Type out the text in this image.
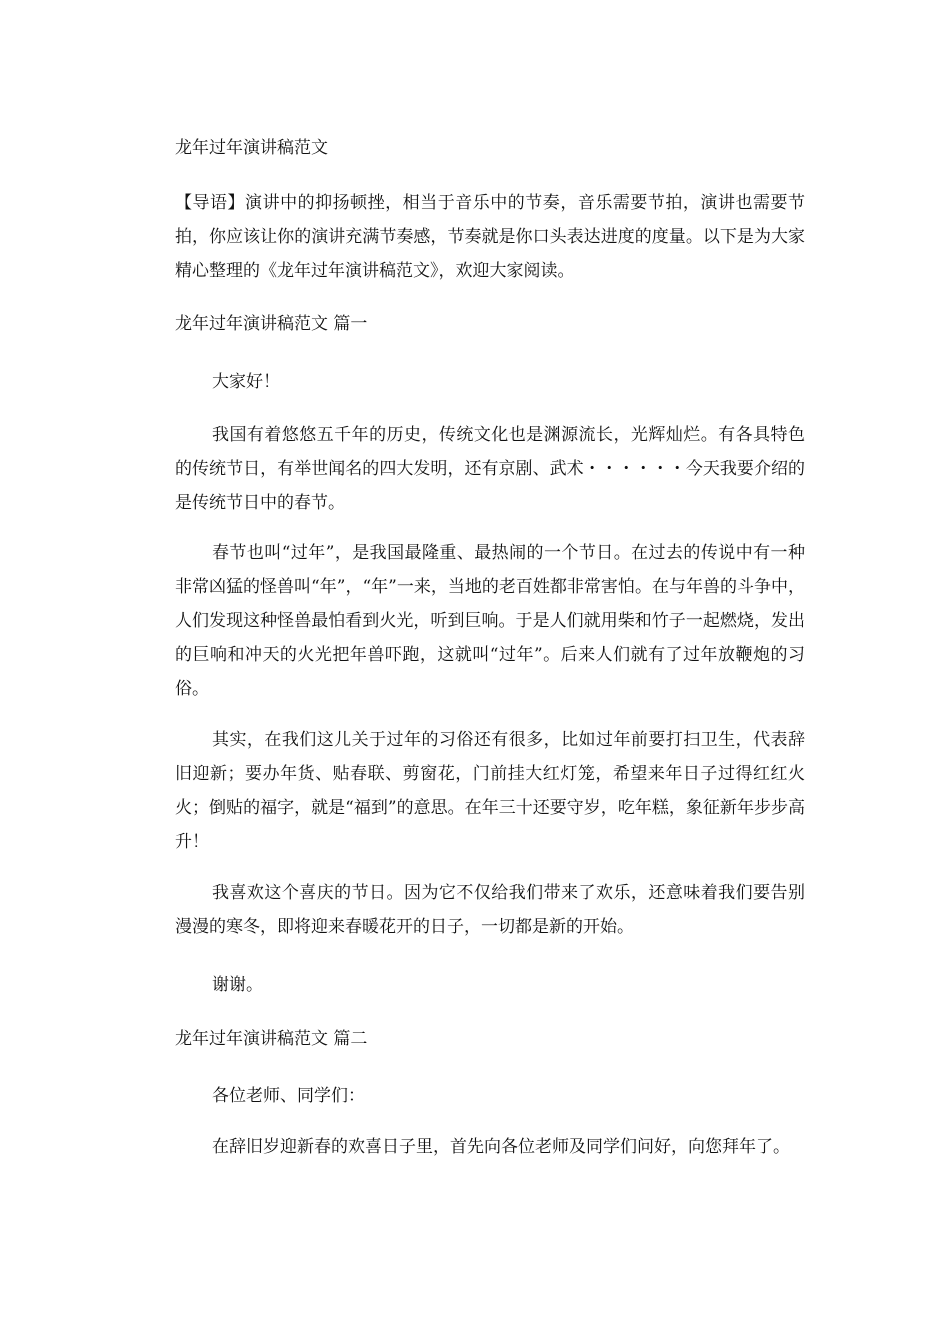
龙年过年演讲稿范文
【导语】演讲中的抑扬顿挫，相当于音乐中的节奏，音乐需要节拍，演讲也需要节拍，你应该让你的演讲充满节奏感，节奏就是你口头表达进度的度量。以下是为大家精心整理的《龙年过年演讲稿范文》，欢迎大家阅读。
龙年过年演讲稿范文 篇一
大家好！
我国有着悠悠五千年的历史，传统文化也是渊源流长，光辉灿烂。有各具特色的传统节日，有举世闻名的四大发明，还有京剧、武术・・・・・・今天我要介绍的是传统节日中的春节。
春节也叫“过年”，是我国最隆重、最热闹的一个节日。在过去的传说中有一种非常凶猛的怪兽叫“年”，“年”一来，当地的老百姓都非常害怕。在与年兽的斗争中，人们发现这种怪兽最怕看到火光，听到巨响。于是人们就用柴和竹子一起燃烧，发出的巨响和冲天的火光把年兽吓跑，这就叫“过年”。后来人们就有了过年放鞭炮的习俗。
其实，在我们这儿关于过年的习俗还有很多，比如过年前要打扫卫生，代表辞旧迎新；要办年货、贴春联、剪窗花，门前挂大红灯笼，希望来年日子过得红红火火；倒贴的福字，就是“福到”的意思。在年三十还要守岁，吃年糕，象征新年步步高升！
我喜欢这个喜庆的节日。因为它不仅给我们带来了欢乐，还意味着我们要告别漫漫的寒冬，即将迎来春暖花开的日子，一切都是新的开始。
谢谢。
龙年过年演讲稿范文 篇二
各位老师、同学们：
在辞旧岁迎新春的欢喜日子里，首先向各位老师及同学们问好，向您拜年了。
